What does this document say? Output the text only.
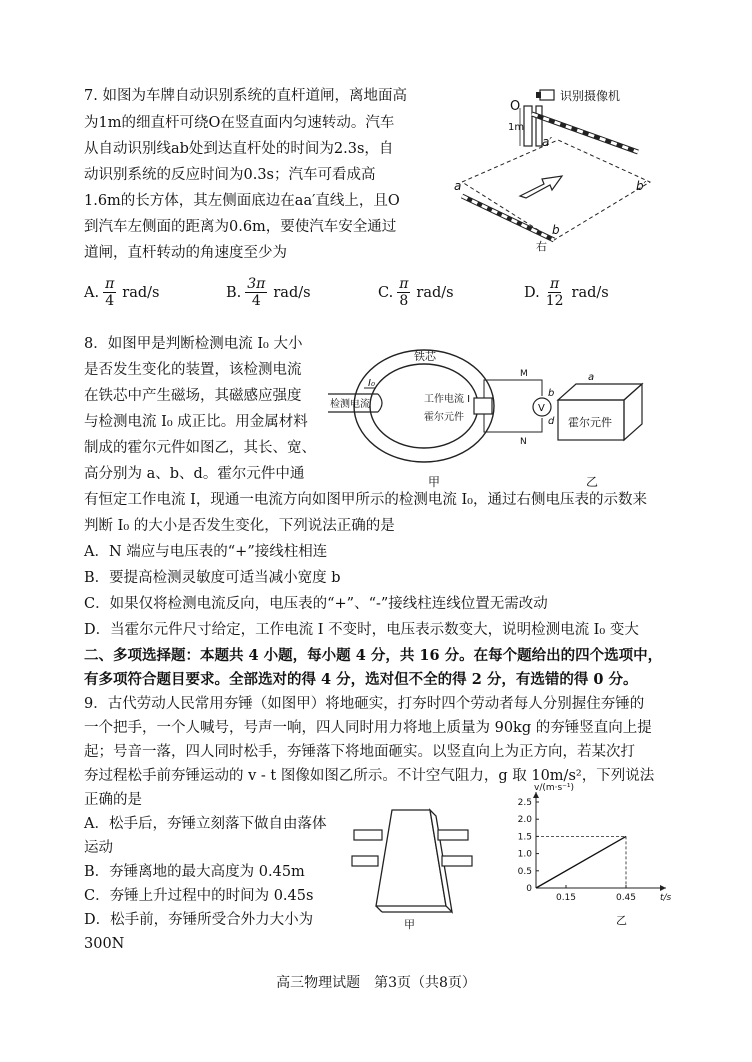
7. 如图为车牌自动识别系统的直杆道闸，离地面高
为1m的细直杆可绕O在竖直面内匀速转动。汽车
从自动识别线ab处到达直杆处的时间为2.3s，自
动识别系统的反应时间为0.3s；汽车可看成高
1.6m的长方体，其左侧面底边在aa′直线上，且O
到汽车左侧面的距离为0.6m，要使汽车安全通过
道闸，直杆转动的角速度至少为
识别摄像机
O
1m
a
a′
b′
b
右
A. $\frac{\pi}{4} rad/s$	B. $\frac{3\pi}{4} rad/s$	C. $\frac{\pi}{8} rad/s$	D. $\frac{\pi}{12} rad/s$
8．如图甲是判断检测电流 I₀ 大小
是否发生变化的装置，该检测电流
在铁芯中产生磁场，其磁感应强度
与检测电流 I₀ 成正比。用金属材料
制成的霍尔元件如图乙，其长、宽、
高分别为 a、b、d。霍尔元件中通
有恒定工作电流 I，现通一电流方向如图甲所示的检测电流 I₀，通过右侧电压表的示数来
判断 I₀ 的大小是否发生变化，下列说法正确的是
铁芯
I₀
检测电流	工作电流 I
霍尔元件
V
M
N
甲
霍尔元件
a
b
d
乙
A．N 端应与电压表的“+”接线柱相连
B．要提高检测灵敏度可适当减小宽度 b
C．如果仅将检测电流反向，电压表的“+”、“-”接线柱连线位置无需改动
D．当霍尔元件尺寸给定，工作电流 I 不变时，电压表示数变大，说明检测电流 I₀ 变大
二、多项选择题：本题共 4 小题，每小题 4 分，共 16 分。在每个题给出的四个选项中，
有多项符合题目要求。全部选对的得 4 分，选对但不全的得 2 分，有选错的得 0 分。
9．古代劳动人民常用夯锤（如图甲）将地砸实，打夯时四个劳动者每人分别握住夯锤的
一个把手，一个人喊号，号声一响，四人同时用力将地上质量为 90kg 的夯锤竖直向上提
起；号音一落，四人同时松手，夯锤落下将地面砸实。以竖直向上为正方向，若某次打
夯过程松手前夯锤运动的 v - t 图像如图乙所示。不计空气阻力，g 取 10m/s²，下列说法
正确的是
A．松手后，夯锤立刻落下做自由落体
运动
B．夯锤离地的最大高度为 0.45m
C．夯锤上升过程中的时间为 0.45s
D．松手前，夯锤所受合外力大小为
300N
甲
0
0.5
1.0
1.5
2.0
2.5
0.15	0.45
v/(m·s⁻¹)
t/s
乙
高三物理试题　第3页（共8页）
